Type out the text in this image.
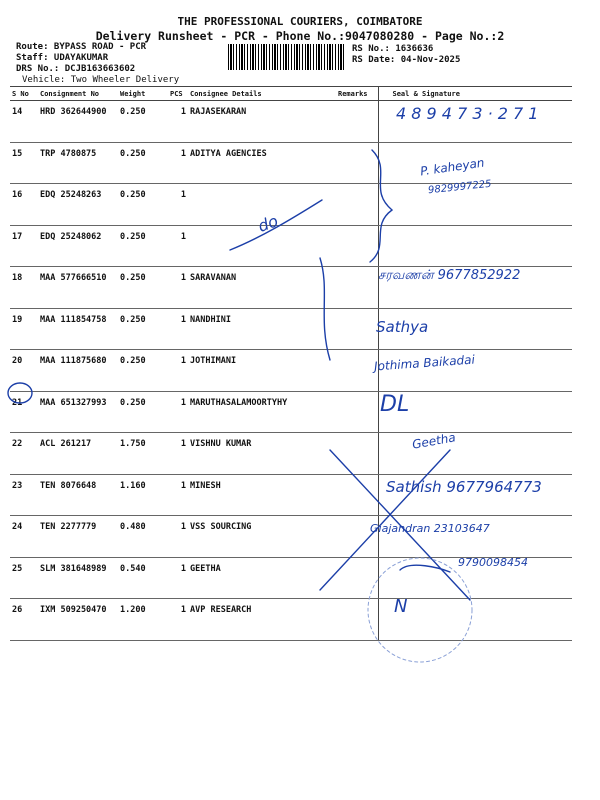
THE PROFESSIONAL COURIERS, COIMBATORE
Delivery Runsheet - PCR - Phone No.:9047080280 - Page No.:2
Route: BYPASS ROAD - PCR
Staff: UDAYAKUMAR
DRS No.: DCJB163663602
Vehicle: Two Wheeler Delivery
RS No.: 1636636
RS Date: 04-Nov-2025
S No	Consignment No	Weight	PCS	Consignee Details	Remarks	Seal & Signature
14	HRD 362644900	0.250	1	RAJASEKARAN		
15	TRP 4780875	0.250	1	ADITYA AGENCIES		
16	EDQ 25248263	0.250	1			
17	EDQ 25248062	0.250	1			
18	MAA 577666510	0.250	1	SARAVANAN		
19	MAA 111854758	0.250	1	NANDHINI		
20	MAA 111875680	0.250	1	JOTHIMANI		
21	MAA 651327993	0.250	1	MARUTHASALAMOORTYHY		
22	ACL 261217	1.750	1	VISHNU KUMAR		
23	TEN 8076648	1.160	1	MINESH		
24	TEN 2277779	0.480	1	VSS SOURCING		
25	SLM 381648989	0.540	1	GEETHA		
26	IXM 509250470	1.200	1	AVP RESEARCH		
4 8 9 4 7 3 · 2 7 1
P. kaheyan
9829997225
do
சரவணன் 9677852922
Sathya
Jothima Baikadai
DL
Geetha
Sathish 9677964773
Giajandran 23103647
9790098454
N
